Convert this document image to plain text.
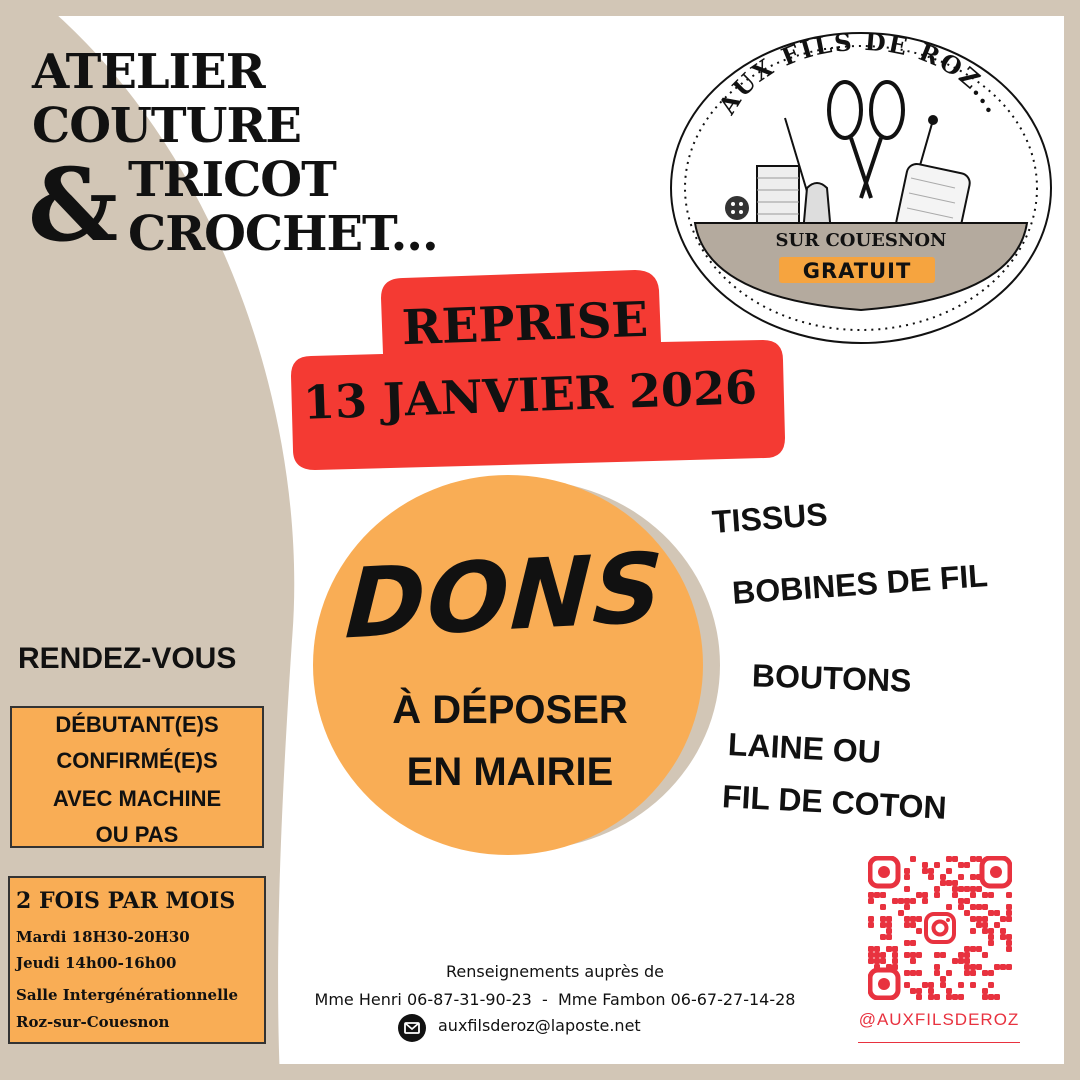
ATELIER
COUTURE
& TRICOT
CROCHET...
AUX FILS DE ROZ...
SUR COUESNON
GRATUIT
REPRISE
13 JANVIER 2026
DONS
À DÉPOSER
EN MAIRIE
TISSUS
BOBINES DE FIL
BOUTONS
LAINE OU
FIL DE COTON
RENDEZ-VOUS
DÉBUTANT(E)S
CONFIRMÉ(E)S
AVEC MACHINE
OU PAS
2 FOIS PAR MOIS
Mardi 18H30-20H30
Jeudi 14h00-16h00
Salle Intergénérationnelle
Roz-sur-Couesnon
Renseignements auprès de
Mme Henri 06-87-31-90-23  -  Mme Fambon 06-67-27-14-28
auxfilsderoz@laposte.net	@AUXFILSDEROZ
